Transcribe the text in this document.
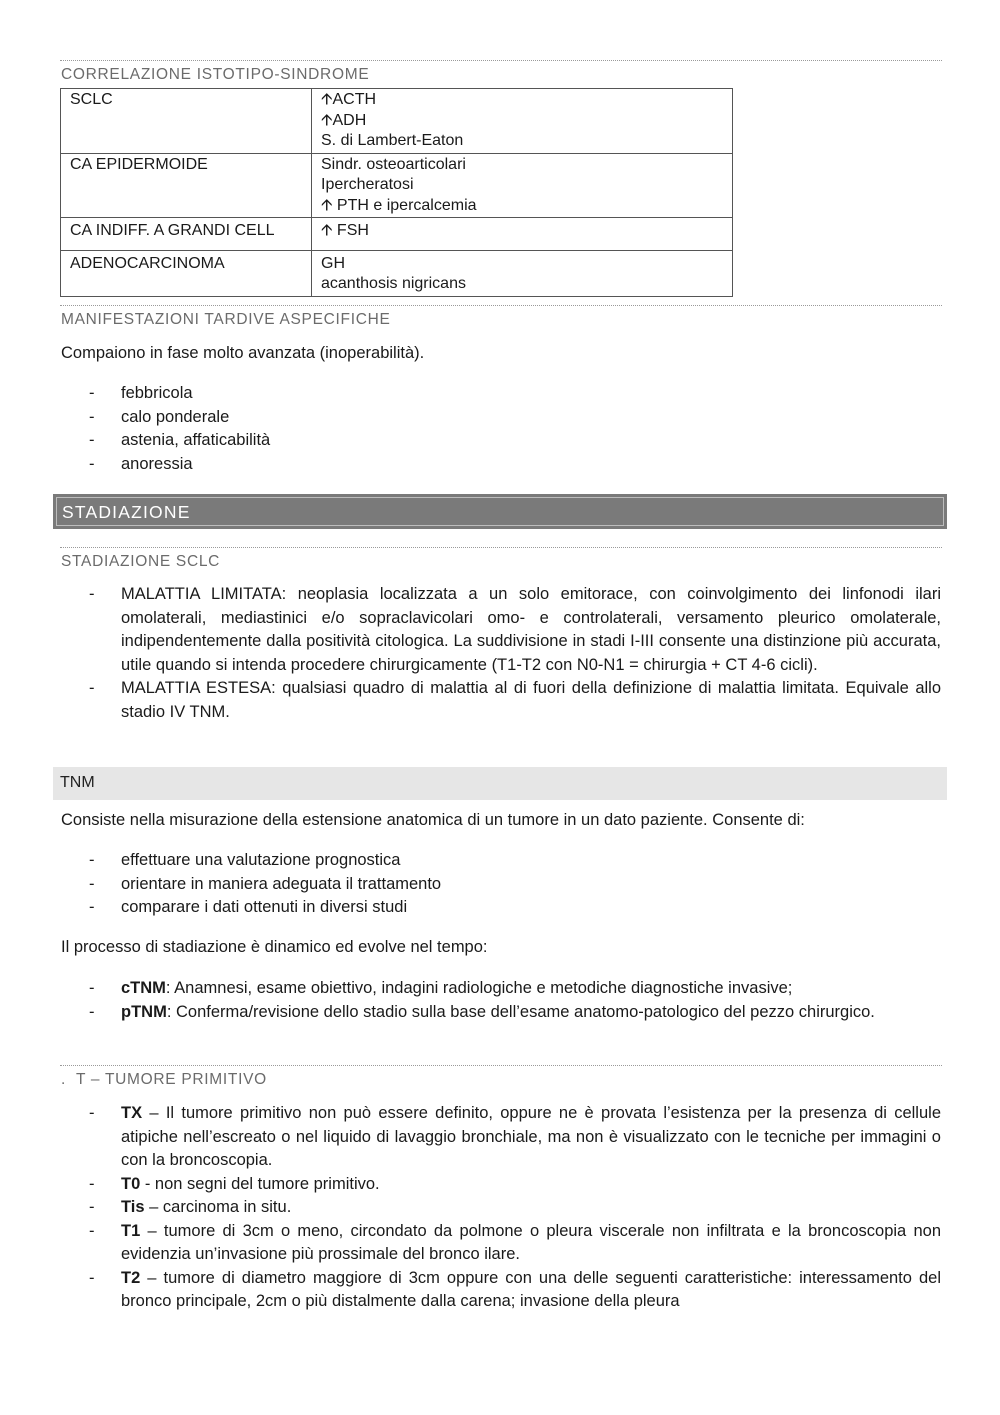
CORRELAZIONE ISTOTIPO-SINDROME
SCLC	🡩ACTH
🡩ADH
S. di Lambert-Eaton

CA EPIDERMOIDE	Sindr. osteoarticolari
Ipercheratosi
🡩 PTH e ipercalcemia

CA INDIFF. A GRANDI CELL	🡩 FSH

ADENOCARCINOMA	GH
acanthosis nigricans
MANIFESTAZIONI TARDIVE ASPECIFICHE
Compaiono in fase molto avanzata (inoperabilità).
- febbricola
- calo ponderale
- astenia, affaticabilità
- anoressia
STADIAZIONE
STADIAZIONE SCLC
- MALATTIA LIMITATA: neoplasia localizzata a un solo emitorace, con coinvolgimento dei linfonodi ilari omolaterali, mediastinici e/o sopraclavicolari omo- e controlaterali, versamento pleurico omolaterale, indipendentemente dalla positività citologica. La suddivisione in stadi I-III consente una distinzione più accurata, utile quando si intenda procedere chirurgicamente (T1-T2 con N0-N1 = chirurgia + CT 4-6 cicli).
- MALATTIA ESTESA: qualsiasi quadro di malattia al di fuori della definizione di malattia limitata. Equivale allo stadio IV TNM.
TNM
Consiste nella misurazione della estensione anatomica di un tumore in un dato paziente. Consente di:
- effettuare una valutazione prognostica
- orientare in maniera adeguata il trattamento
- comparare i dati ottenuti in diversi studi
Il processo di stadiazione è dinamico ed evolve nel tempo:
- cTNM: Anamnesi, esame obiettivo, indagini radiologiche e metodiche diagnostiche invasive;
- pTNM: Conferma/revisione dello stadio sulla base dell’esame anatomo-patologico del pezzo chirurgico.
. T – TUMORE PRIMITIVO
- TX – Il tumore primitivo non può essere definito, oppure ne è provata l’esistenza per la presenza di cellule atipiche nell’escreato o nel liquido di lavaggio bronchiale, ma non è visualizzato con le tecniche per immagini o con la broncoscopia.
- T0 - non segni del tumore primitivo.
- Tis – carcinoma in situ.
- T1 – tumore di 3cm o meno, circondato da polmone o pleura viscerale non infiltrata e la broncoscopia non evidenzia un’invasione più prossimale del bronco ilare.
- T2 – tumore di diametro maggiore di 3cm oppure con una delle seguenti caratteristiche: interessamento del bronco principale, 2cm o più distalmente dalla carena; invasione della pleura
